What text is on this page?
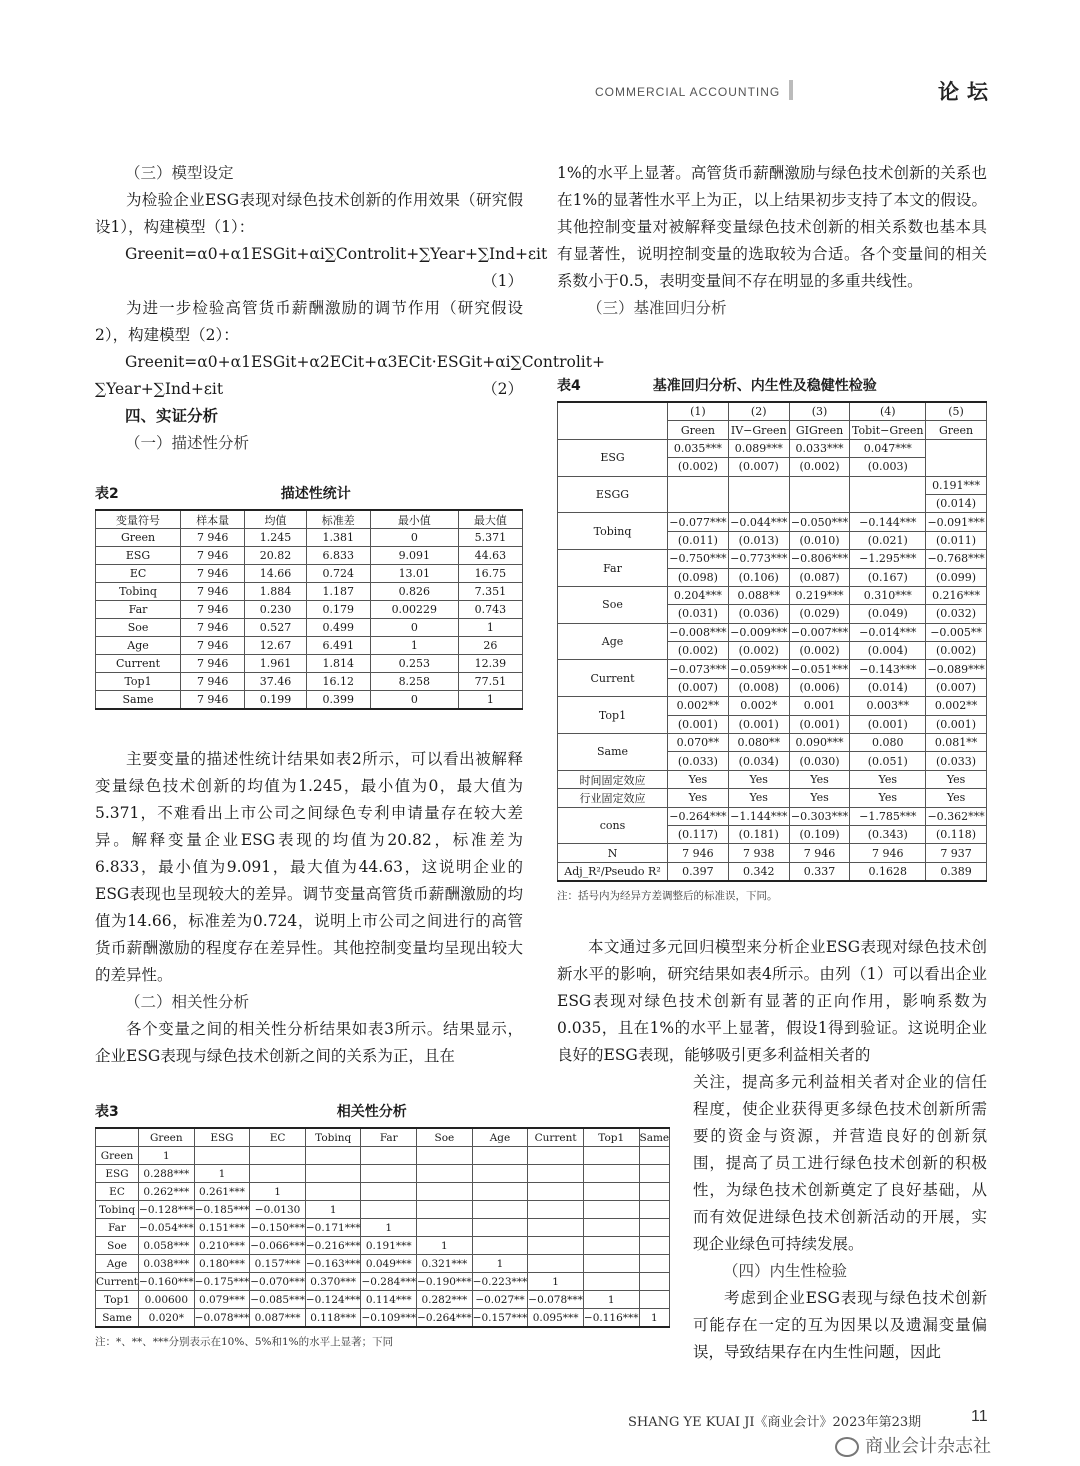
COMMERCIAL ACCOUNTING	论坛

（三）模型设定

为检验企业ESG表现对绿色技术创新的作用效果（研究假设1），构建模型（1）：

Greenit=α0+α1ESGit+αi∑Controlit+∑Year+∑Ind+εit

（1）

为进一步检验高管货币薪酬激励的调节作用（研究假设2），构建模型（2）：

Greenit=α0+α1ESGit+α2ECit+α3ECit·ESGit+αi∑Controlit+

∑Year+∑Ind+εit	（2）

四、实证分析

（一）描述性分析

表2	描述性统计
变量符号	样本量	均值	标准差	最小值	最大值
Green	7 946	1.245	1.381	0	5.371
ESG	7 946	20.82	6.833	9.091	44.63
EC	7 946	14.66	0.724	13.01	16.75
Tobinq	7 946	1.884	1.187	0.826	7.351
Far	7 946	0.230	0.179	0.00229	0.743
Soe	7 946	0.527	0.499	0	1
Age	7 946	12.67	6.491	1	26
Current	7 946	1.961	1.814	0.253	12.39
Top1	7 946	37.46	16.12	8.258	77.51
Same	7 946	0.199	0.399	0	1

主要变量的描述性统计结果如表2所示，可以看出被解释变量绿色技术创新的均值为1.245，最小值为0，最大值为5.371，不难看出上市公司之间绿色专利申请量存在较大差异。解释变量企业ESG表现的均值为20.82，标准差为6.833，最小值为9.091，最大值为44.63，这说明企业的ESG表现也呈现较大的差异。调节变量高管货币薪酬激励的均值为14.66，标准差为0.724，说明上市公司之间进行的高管货币薪酬激励的程度存在差异性。其他控制变量均呈现出较大的差异性。

（二）相关性分析

各个变量之间的相关性分析结果如表3所示。结果显示，企业ESG表现与绿色技术创新之间的关系为正，且在

表3	相关性分析
	Green	ESG	EC	Tobinq	Far	Soe	Age	Current	Top1	Same
Green	1									
ESG	0.288***	1								
EC	0.262***	0.261***	1							
Tobinq	−0.128***	−0.185***	−0.0130	1						
Far	−0.054***	0.151***	−0.150***	−0.171***	1					
Soe	0.058***	0.210***	−0.066***	−0.216***	0.191***	1				
Age	0.038***	0.180***	0.157***	−0.163***	0.049***	0.321***	1			
Current	−0.160***	−0.175***	−0.070***	0.370***	−0.284***	−0.190***	−0.223***	1		
Top1	0.00600	0.079***	−0.085***	−0.124***	0.114***	0.282***	−0.027**	−0.078***	1	
Same	0.020*	−0.078***	0.087***	0.118***	−0.109***	−0.264***	−0.157***	0.095***	−0.116***	1
注：*、**、***分别表示在10%、5%和1%的水平上显著；下同

1%的水平上显著。高管货币薪酬激励与绿色技术创新的关系也在1%的显著性水平上为正，以上结果初步支持了本文的假设。其他控制变量对被解释变量绿色技术创新的相关系数也基本具有显著性，说明控制变量的选取较为合适。各个变量间的相关系数小于0.5，表明变量间不存在明显的多重共线性。

（三）基准回归分析

表4	基准回归分析、内生性及稳健性检验
	(1)	(2)	(3)	(4)	(5)
	Green	IV−Green	GIGreen	Tobit−Green	Green
ESG	0.035***	0.089***	0.033***	0.047***	
	(0.002)	(0.007)	(0.002)	(0.003)	
ESGG					0.191***
					(0.014)
Tobinq	−0.077***	−0.044***	−0.050***	−0.144***	−0.091***
	(0.011)	(0.013)	(0.010)	(0.021)	(0.011)
Far	−0.750***	−0.773***	−0.806***	−1.295***	−0.768***
	(0.098)	(0.106)	(0.087)	(0.167)	(0.099)
Soe	0.204***	0.088**	0.219***	0.310***	0.216***
	(0.031)	(0.036)	(0.029)	(0.049)	(0.032)
Age	−0.008***	−0.009***	−0.007***	−0.014***	−0.005**
	(0.002)	(0.002)	(0.002)	(0.004)	(0.002)
Current	−0.073***	−0.059***	−0.051***	−0.143***	−0.089***
	(0.007)	(0.008)	(0.006)	(0.014)	(0.007)
Top1	0.002**	0.002*	0.001	0.003**	0.002**
	(0.001)	(0.001)	(0.001)	(0.001)	(0.001)
Same	0.070**	0.080**	0.090***	0.080	0.081**
	(0.033)	(0.034)	(0.030)	(0.051)	(0.033)
时间固定效应	Yes	Yes	Yes	Yes	Yes
行业固定效应	Yes	Yes	Yes	Yes	Yes
cons	−0.264***	−1.144***	−0.303***	−1.785***	−0.362***
	(0.117)	(0.181)	(0.109)	(0.343)	(0.118)
N	7 946	7 938	7 946	7 946	7 937
Adj_R²/Pseudo R²	0.397	0.342	0.337	0.1628	0.389
注：括号内为经异方差调整后的标准误，下同。

本文通过多元回归模型来分析企业ESG表现对绿色技术创新水平的影响，研究结果如表4所示。由列（1）可以看出企业ESG表现对绿色技术创新有显著的正向作用，影响系数为0.035，且在1%的水平上显著，假设1得到验证。这说明企业良好的ESG表现，能够吸引更多利益相关者的

关注，提高多元利益相关者对企业的信任程度，使企业获得更多绿色技术创新所需要的资金与资源，并营造良好的创新氛围，提高了员工进行绿色技术创新的积极性，为绿色技术创新奠定了良好基础，从而有效促进绿色技术创新活动的开展，实现企业绿色可持续发展。

（四）内生性检验

考虑到企业ESG表现与绿色技术创新可能存在一定的互为因果以及遗漏变量偏误，导致结果存在内生性问题，因此

SHANG YE KUAI JI《商业会计》2023年第23期	11
商业会计杂志社
